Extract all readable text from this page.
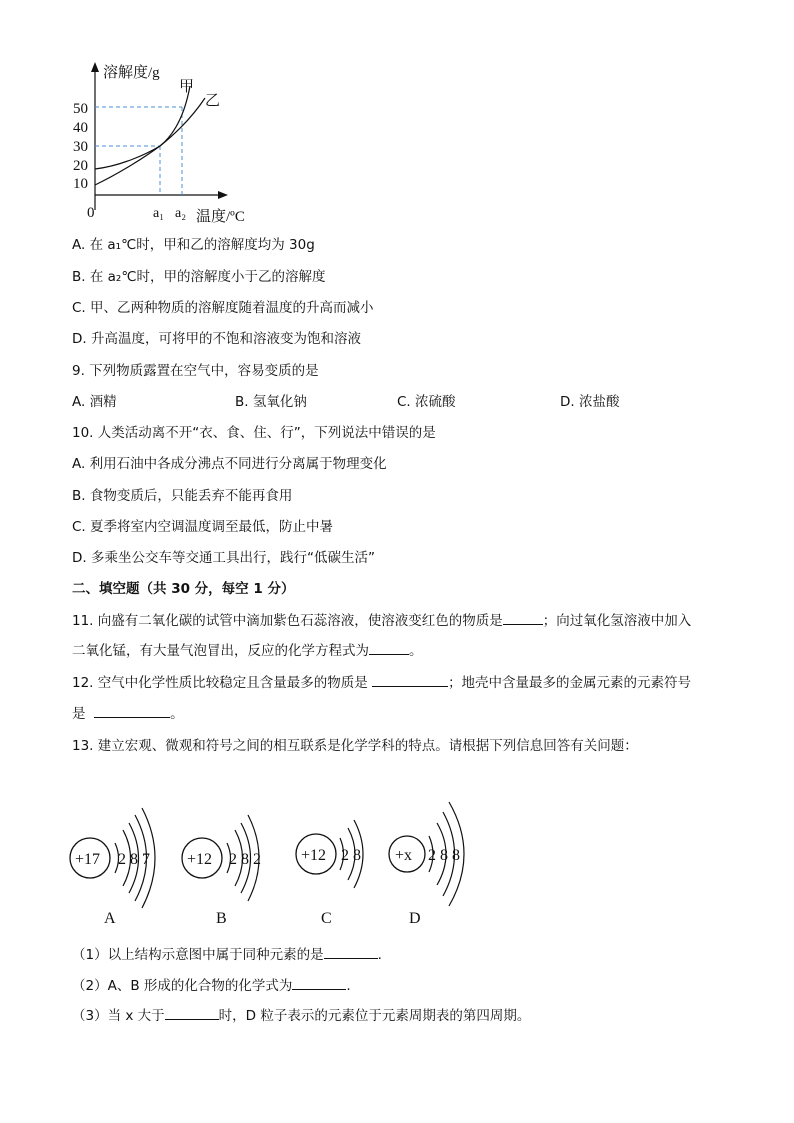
溶解度/g
甲
乙
50
40
30
20
10
0	a₁ a₂ 温度/ºC
A. 在 a₁℃时，甲和乙的溶解度均为 30g
B. 在 a₂℃时，甲的溶解度小于乙的溶解度
C. 甲、乙两种物质的溶解度随着温度的升高而减小
D. 升高温度，可将甲的不饱和溶液变为饱和溶液
9. 下列物质露置在空气中，容易变质的是
A. 酒精	B. 氢氧化钠	C. 浓硫酸	D. 浓盐酸
10. 人类活动离不开“衣、食、住、行”，下列说法中错误的是
A. 利用石油中各成分沸点不同进行分离属于物理变化
B. 食物变质后，只能丢弃不能再食用
C. 夏季将室内空调温度调至最低，防止中暑
D. 多乘坐公交车等交通工具出行，践行“低碳生活”
二、填空题（共 30 分，每空 1 分）
11. 向盛有二氧化碳的试管中滴加紫色石蕊溶液，使溶液变红色的物质是	；向过氧化氢溶液中加入
二氧化锰，有大量气泡冒出，反应的化学方程式为	。
12. 空气中化学性质比较稳定且含量最多的物质是	；地壳中含量最多的金属元素的元素符号
是	。
13. 建立宏观、微观和符号之间的相互联系是化学学科的特点。请根据下列信息回答有关问题：
+17 2 8 7
A
+12 2 8 2
B
+12 2 8
C
+x 2 8 8
D
（1）以上结构示意图中属于同种元素的是	.
（2）A、B 形成的化合物的化学式为	.
（3）当 x 大于	时，D 粒子表示的元素位于元素周期表的第四周期。
